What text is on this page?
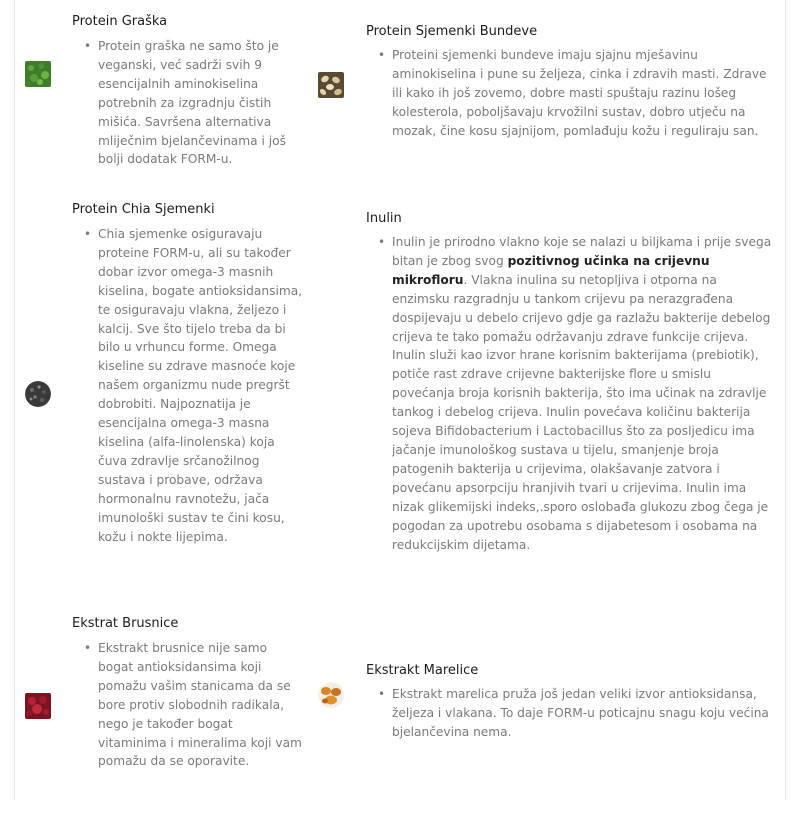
Protein Graška
• Protein graška ne samo što je veganski, već sadrži svih 9 esencijalnih aminokiselina potrebnih za izgradnju čistih mišića. Savršena alternativa mliječnim bjelančevinama i još bolji dodatak FORM-u.
Protein Chia Sjemenki
• Chia sjemenke osiguravaju proteine FORM-u, ali su također dobar izvor omega-3 masnih kiselina, bogate antioksidansima, te osiguravaju vlakna, željezo i kalcij. Sve što tijelo treba da bi bilo u vrhuncu forme. Omega kiseline su zdrave masnoće koje našem organizmu nude pregršt dobrobiti. Najpoznatija je esencijalna omega-3 masna kiselina (alfa-linolenska) koja čuva zdravlje srčanožilnog sustava i probave, održava hormonalnu ravnotežu, jača imunološki sustav te čini kosu, kožu i nokte lijepima.
Ekstrat Brusnice
• Ekstrakt brusnice nije samo bogat antioksidansima koji pomažu vašim stanicama da se bore protiv slobodnih radikala, nego je također bogat vitaminima i mineralima koji vam pomažu da se oporavite.
Protein Sjemenki Bundeve
• Proteini sjemenki bundeve imaju sjajnu mješavinu aminokiselina i pune su željeza, cinka i zdravih masti. Zdrave ili kako ih još zovemo, dobre masti spuštaju razinu lošeg kolesterola, poboljšavaju krvožilni sustav, dobro utječu na mozak, čine kosu sjajnijom, pomlađuju kožu i reguliraju san.
Inulin
• Inulin je prirodno vlakno koje se nalazi u biljkama i prije svega bitan je zbog svog pozitivnog učinka na crijevnu mikrofloru. Vlakna inulina su netopljiva i otporna na enzimsku razgradnju u tankom crijevu pa nerazgrađena dospijevaju u debelo crijevo gdje ga razlažu bakterije debelog crijeva te tako pomažu održavanju zdrave funkcije crijeva. Inulin služi kao izvor hrane korisnim bakterijama (prebiotik), potiče rast zdrave crijevne bakterijske flore u smislu povećanja broja korisnih bakterija, što ima učinak na zdravlje tankog i debelog crijeva. Inulin povećava količinu bakterija sojeva Bifidobacterium i Lactobacillus što za posljedicu ima jačanje imunološkog sustava u tijelu, smanjenje broja patogenih bakterija u crijevima, olakšavanje zatvora i povećanu apsorpciju hranjivih tvari u crijevima. Inulin ima nizak glikemijski indeks,.sporo oslobađa glukozu zbog čega je pogodan za upotrebu osobama s dijabetesom i osobama na redukcijskim dijetama.
Ekstrakt Marelice
• Ekstrakt marelica pruža još jedan veliki izvor antioksidansa, željeza i vlakana. To daje FORM-u poticajnu snagu koju većina bjelančevina nema.
